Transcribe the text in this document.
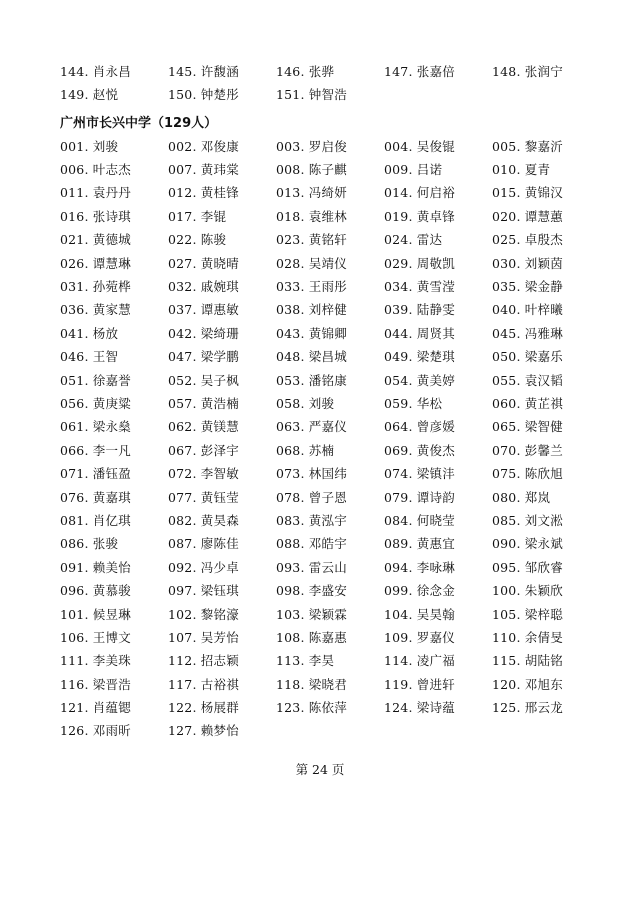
144. 肖永昌	145. 许馥涵	146. 张骅	147. 张嘉倍	148. 张润宁
149. 赵悦	150. 钟楚彤	151. 钟智浩
广州市长兴中学（129人）
001. 刘骏	002. 邓俊康	003. 罗启俊	004. 吴俊锟	005. 黎嘉沂
006. 叶志杰	007. 黄玮棠	008. 陈子麒	009. 吕诺	010. 夏青
011. 袁丹丹	012. 黄桂锋	013. 冯绮妍	014. 何启裕	015. 黄锦汉
016. 张诗琪	017. 李锟	018. 袁维林	019. 黄卓锋	020. 谭慧蕙
021. 黄德城	022. 陈骏	023. 黄铭轩	024. 雷达	025. 卓殷杰
026. 谭慧琳	027. 黄晓晴	028. 吴靖仪	029. 周敬凯	030. 刘颖茵
031. 孙菀桦	032. 戚婉琪	033. 王雨彤	034. 黄雪滢	035. 梁金静
036. 黄家慧	037. 谭惠敏	038. 刘梓健	039. 陆静雯	040. 叶梓曦
041. 杨放	042. 梁绮珊	043. 黄锦卿	044. 周贤其	045. 冯雅琳
046. 王智	047. 梁学鹏	048. 梁昌城	049. 梁楚琪	050. 梁嘉乐
051. 徐嘉誉	052. 吴子枫	053. 潘铭康	054. 黄美婷	055. 袁汉韬
056. 黄庚粱	057. 黄浩楠	058. 刘骏	059. 华松	060. 黄芷祺
061. 梁永燊	062. 黄镁慧	063. 严嘉仪	064. 曾彦媛	065. 梁智健
066. 李一凡	067. 彭泽宇	068. 苏楠	069. 黄俊杰	070. 彭馨兰
071. 潘钰盈	072. 李智敏	073. 林国纬	074. 梁镇沣	075. 陈欣旭
076. 黄嘉琪	077. 黄钰莹	078. 曾子恩	079. 谭诗韵	080. 郑岚
081. 肖亿琪	082. 黄昊森	083. 黄泓宇	084. 何晓莹	085. 刘文淞
086. 张骏	087. 廖陈佳	088. 邓皓宇	089. 黄惠宜	090. 梁永斌
091. 赖美怡	092. 冯少卓	093. 雷云山	094. 李咏琳	095. 邹欣睿
096. 黄慕骏	097. 梁钰琪	098. 李盛安	099. 徐念金	100. 朱颖欣
101. 候昱琳	102. 黎铭濠	103. 梁颖霖	104. 吴昊翰	105. 梁梓聪
106. 王博文	107. 吴芳怡	108. 陈嘉惠	109. 罗嘉仪	110. 余倩旻
111. 李美珠	112. 招志颖	113. 李昊	114. 凌广福	115. 胡陆铭
116. 梁晋浩	117. 古裕祺	118. 梁晓君	119. 曾进轩	120. 邓旭东
121. 肖蕴锶	122. 杨展群	123. 陈依萍	124. 梁诗蕴	125. 邢云龙
126. 邓雨昕	127. 赖梦怡
第 24 页
